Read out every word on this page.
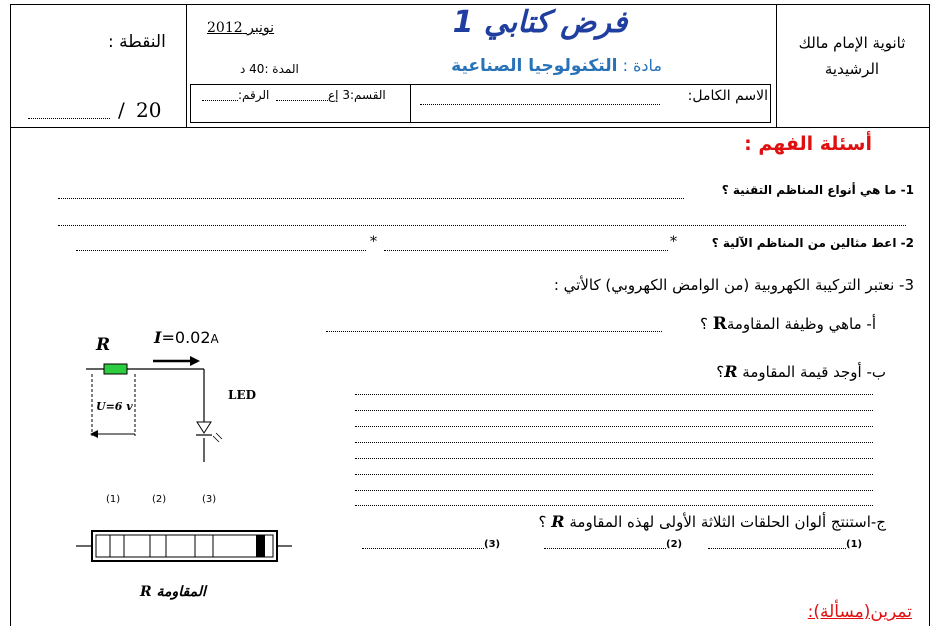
ثانوية الإمام مالك
الرشيدية
فرض كتابي 1
مادة : التكنولوجيا الصناعية
نونبر 2012
المدة :40 د
النقطة :
/ 20
الاسم الكامل:
القسم:3 إع
الرقم:
أسئلة الفهم :
1- ما هي أنواع المناظم التقنية ؟
2- اعط مثالين من المناظم الآلية ؟
*
*
3- نعتبر التركيبة الكهروبية (من الوامض الكهروبي) كالأتي :
أ- ماهي وظيفة المقاومةR ؟
ب- أوجد قيمة المقاومة R؟
ج-استنتج ألوان الحلقات الثلاثة الأولى لهذه المقاومة R ؟
(1)
(2)
(3)
R	I=0.02A
U=6 v
LED
(1)	(2)	(3)
المقاومة R
تمرين(مسألة):
